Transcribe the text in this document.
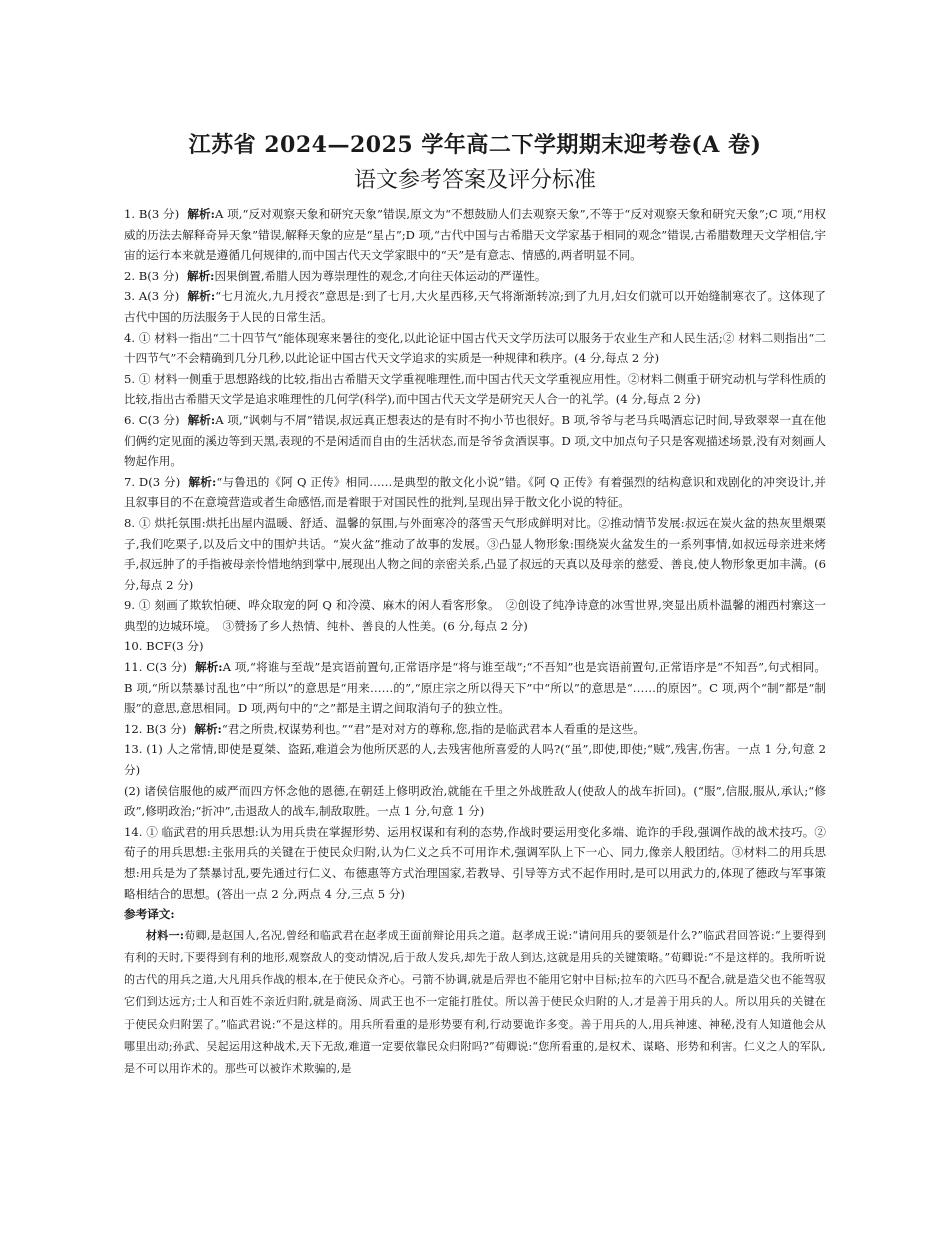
江苏省 2024—2025 学年高二下学期期末迎考卷(A 卷)
语文参考答案及评分标准

1. B(3 分) 解析:A 项,“反对观察天象和研究天象”错误,原文为“不想鼓励人们去观察天象”,不等于“反对观察天象和研究天象”;C 项,“用权威的历法去解释奇异天象”错误,解释天象的应是“星占”;D 项,“古代中国与古希腊天文学家基于相同的观念”错误,古希腊数理天文学相信,宇宙的运行本来就是遵循几何规律的,而中国古代天文学家眼中的“天”是有意志、情感的,两者明显不同。

2. B(3 分) 解析:因果倒置,希腊人因为尊崇理性的观念,才向往天体运动的严谨性。

3. A(3 分) 解析:“七月流火,九月授衣”意思是:到了七月,大火星西移,天气将渐渐转凉;到了九月,妇女们就可以开始缝制寒衣了。这体现了古代中国的历法服务于人民的日常生活。

4. ① 材料一指出“二十四节气”能体现寒来暑往的变化,以此论证中国古代天文学历法可以服务于农业生产和人民生活;② 材料二则指出“二十四节气”不会精确到几分几秒,以此论证中国古代天文学追求的实质是一种规律和秩序。(4 分,每点 2 分)

5. ① 材料一侧重于思想路线的比较,指出古希腊天文学重视唯理性,而中国古代天文学重视应用性。②材料二侧重于研究动机与学科性质的比较,指出古希腊天文学是追求唯理性的几何学(科学),而中国古代天文学是研究天人合一的礼学。(4 分,每点 2 分)

6. C(3 分) 解析:A 项,“讽刺与不屑”错误,叔远真正想表达的是有时不拘小节也很好。B 项,爷爷与老马兵喝酒忘记时间,导致翠翠一直在他们俩约定见面的溪边等到天黑,表现的不是闲适而自由的生活状态,而是爷爷贪酒误事。D 项,文中加点句子只是客观描述场景,没有对刻画人物起作用。

7. D(3 分) 解析:“与鲁迅的《阿 Q 正传》相同……是典型的散文化小说”错。《阿 Q 正传》有着强烈的结构意识和戏剧化的冲突设计,并且叙事目的不在意境营造或者生命感悟,而是着眼于对国民性的批判,呈现出异于散文化小说的特征。

8. ① 烘托氛围:烘托出屋内温暖、舒适、温馨的氛围,与外面寒冷的落雪天气形成鲜明对比。②推动情节发展:叔远在炭火盆的热灰里煨栗子,我们吃栗子,以及后文中的围炉共话。“炭火盆”推动了故事的发展。③凸显人物形象:围绕炭火盆发生的一系列事情,如叔远母亲进来烤手,叔远肿了的手指被母亲怜惜地纳到掌中,展现出人物之间的亲密关系,凸显了叔远的天真以及母亲的慈爱、善良,使人物形象更加丰满。(6 分,每点 2 分)

9. ① 刻画了欺软怕硬、哗众取宠的阿 Q 和冷漠、麻木的闲人看客形象。　②创设了纯净诗意的冰雪世界,突显出质朴温馨的湘西村寨这一典型的边城环境。　③赞扬了乡人热情、纯朴、善良的人性美。(6 分,每点 2 分)

10. BCF(3 分)

11. C(3 分) 解析:A 项,“将谁与至哉”是宾语前置句,正常语序是“将与谁至哉”;“不吾知”也是宾语前置句,正常语序是“不知吾”,句式相同。B 项,“所以禁暴讨乱也”中“所以”的意思是“用来……的”,“原庄宗之所以得天下”中“所以”的意思是“……的原因”。C 项,两个“制”都是“制服”的意思,意思相同。D 项,两句中的“之”都是主谓之间取消句子的独立性。

12. B(3 分) 解析:“君之所贵,权谋势利也。”“君”是对对方的尊称,您,指的是临武君本人看重的是这些。

13. (1) 人之常情,即使是夏桀、盗跖,难道会为他所厌恶的人,去残害他所喜爱的人吗?(“虽”,即使,即使;“贼”,残害,伤害。一点 1 分,句意 2 分)

(2) 诸侯信服他的威严而四方怀念他的恩德,在朝廷上修明政治,就能在千里之外战胜敌人(使敌人的战车折回)。(“服”,信服,服从,承认;“修政”,修明政治;“折冲”,击退敌人的战车,制敌取胜。一点 1 分,句意 1 分)

14. ① 临武君的用兵思想:认为用兵贵在掌握形势、运用权谋和有利的态势,作战时要运用变化多端、诡诈的手段,强调作战的战术技巧。②荀子的用兵思想:主张用兵的关键在于使民众归附,认为仁义之兵不可用诈术,强调军队上下一心、同力,像亲人般团结。③材料二的用兵思想:用兵是为了禁暴讨乱,要先通过行仁义、布德惠等方式治理国家,若教导、引导等方式不起作用时,是可以用武力的,体现了德政与军事策略相结合的思想。(答出一点 2 分,两点 4 分,三点 5 分)

参考译文:

材料一:荀卿,是赵国人,名况,曾经和临武君在赵孝成王面前辩论用兵之道。赵孝成王说:“请问用兵的要领是什么?”临武君回答说:“上要得到有利的天时,下要得到有利的地形,观察敌人的变动情况,后于敌人发兵,却先于敌人到达,这就是用兵的关键策略。”荀卿说:“不是这样的。我所听说的古代的用兵之道,大凡用兵作战的根本,在于使民众齐心。弓箭不协调,就是后羿也不能用它射中目标;拉车的六匹马不配合,就是造父也不能驾驭它们到达远方;士人和百姓不亲近归附,就是商汤、周武王也不一定能打胜仗。所以善于使民众归附的人,才是善于用兵的人。所以用兵的关键在于使民众归附罢了。”临武君说:“不是这样的。用兵所看重的是形势要有利,行动要诡诈多变。善于用兵的人,用兵神速、神秘,没有人知道他会从哪里出动;孙武、吴起运用这种战术,天下无敌,难道一定要依靠民众归附吗?”荀卿说:“您所看重的,是权术、谋略、形势和利害。仁义之人的军队,是不可以用诈术的。那些可以被诈术欺骗的,是
